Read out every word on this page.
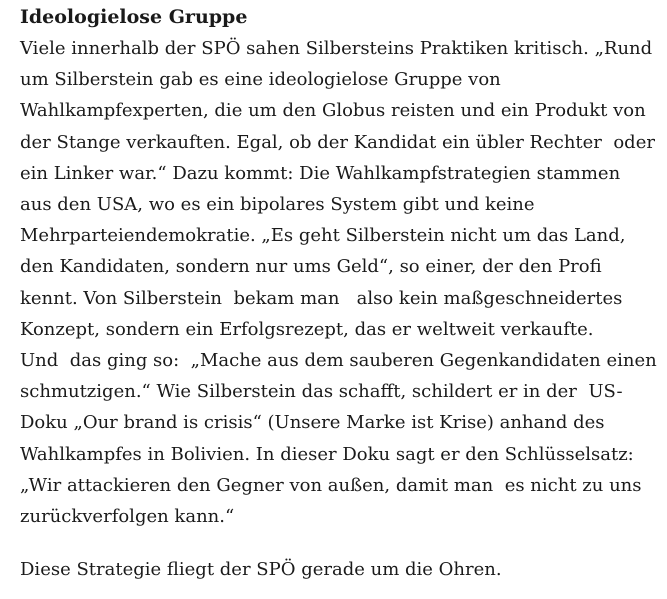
Ideologielose Gruppe
Viele innerhalb der SPÖ sahen Silbersteins Praktiken kritisch. „Rund
um Silberstein gab es eine ideologielose Gruppe von
Wahlkampfexperten, die um den Globus reisten und ein Produkt von
der Stange verkauften. Egal, ob der Kandidat ein übler Rechter  oder
ein Linker war.“ Dazu kommt: Die Wahlkampfstrategien stammen
aus den USA, wo es ein bipolares System gibt und keine
Mehrparteiendemokratie. „Es geht Silberstein nicht um das Land,
den Kandidaten, sondern nur ums Geld“, so einer, der den Profi
kennt. Von Silberstein  bekam man   also kein maßgeschneidertes
Konzept, sondern ein Erfolgsrezept, das er weltweit verkaufte.
Und  das ging so:  „Mache aus dem sauberen Gegenkandidaten einen
schmutzigen.“ Wie Silberstein das schafft, schildert er in der  US-
Doku „Our brand is crisis“ (Unsere Marke ist Krise) anhand des
Wahlkampfes in Bolivien. In dieser Doku sagt er den Schlüsselsatz:
„Wir attackieren den Gegner von außen, damit man  es nicht zu uns
zurückverfolgen kann.“
Diese Strategie fliegt der SPÖ gerade um die Ohren.
